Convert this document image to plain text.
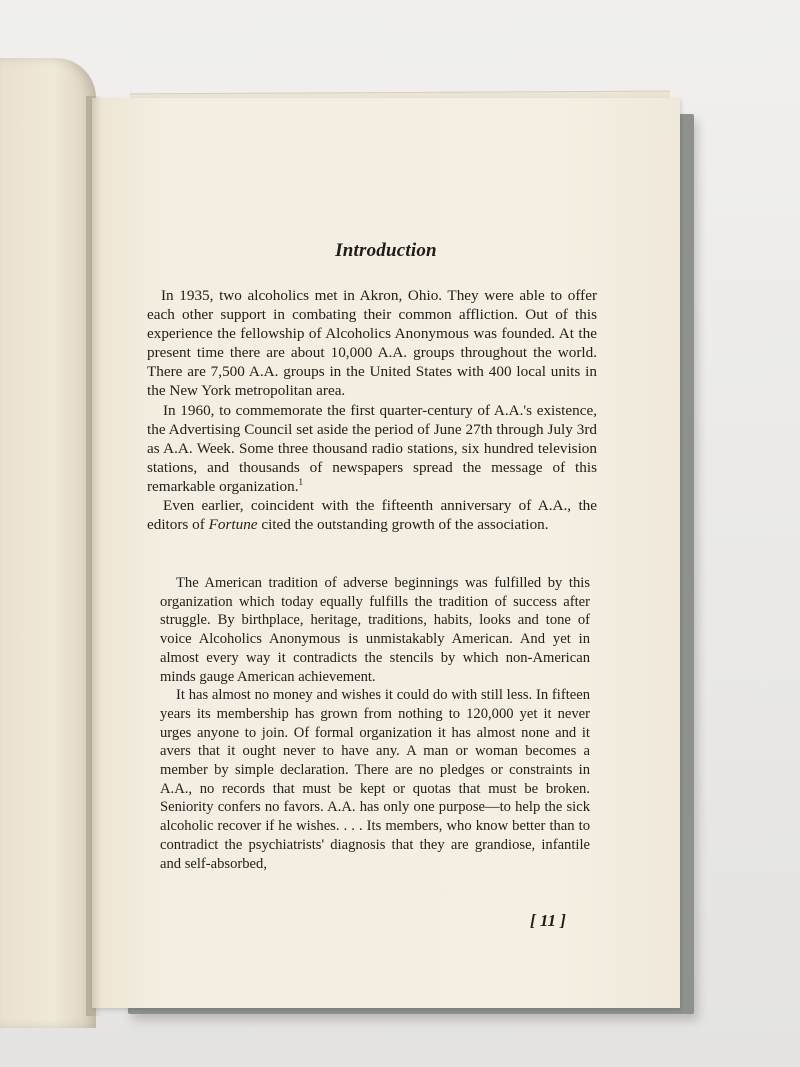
Introduction

In 1935, two alcoholics met in Akron, Ohio. They were able to offer each other support in combating their common affliction. Out of this experience the fellowship of Alcoholics Anonymous was founded. At the present time there are about 10,000 A.A. groups throughout the world. There are 7,500 A.A. groups in the United States with 400 local units in the New York metropolitan area.

In 1960, to commemorate the first quarter-century of A.A.'s existence, the Advertising Council set aside the period of June 27th through July 3rd as A.A. Week. Some three thousand radio stations, six hundred television stations, and thousands of newspapers spread the message of this remarkable organization.$^1$

Even earlier, coincident with the fifteenth anniversary of A.A., the editors of Fortune cited the outstanding growth of the association.

The American tradition of adverse beginnings was fulfilled by this organization which today equally fulfills the tradition of success after struggle. By birthplace, heritage, traditions, habits, looks and tone of voice Alcoholics Anonymous is unmistakably American. And yet in almost every way it contradicts the stencils by which non-American minds gauge American achievement.

It has almost no money and wishes it could do with still less. In fifteen years its membership has grown from nothing to 120,000 yet it never urges anyone to join. Of formal organization it has almost none and it avers that it ought never to have any. A man or woman becomes a member by simple declaration. There are no pledges or constraints in A.A., no records that must be kept or quotas that must be broken. Seniority confers no favors. A.A. has only one purpose—to help the sick alcoholic recover if he wishes. . . . Its members, who know better than to contradict the psychiatrists' diagnosis that they are grandiose, infantile and self-absorbed,

[ 11 ]
